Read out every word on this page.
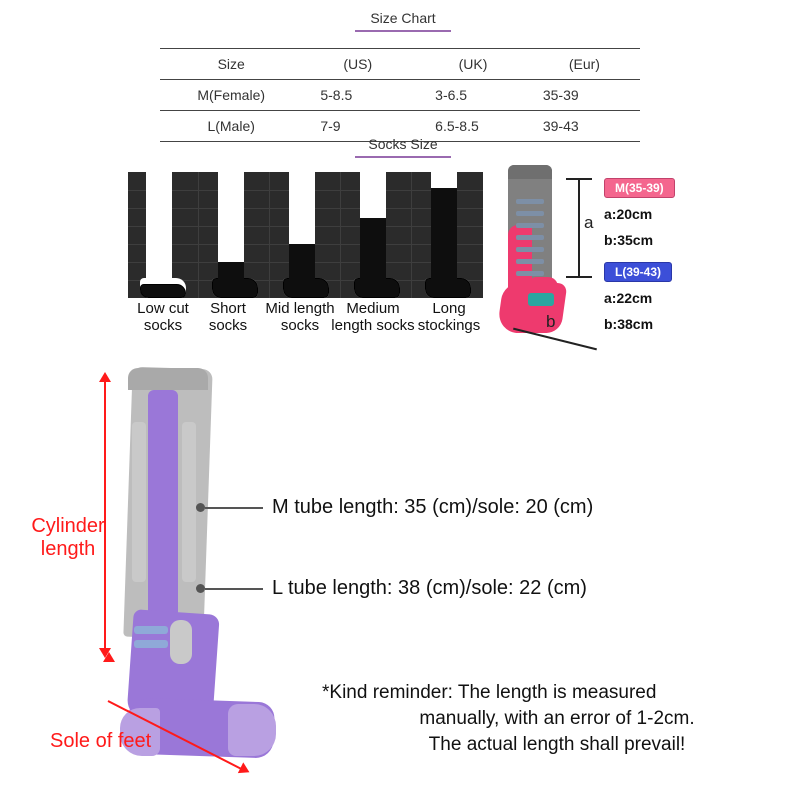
Size Chart
Size	(US)	(UK)	(Eur)
M(Female)	5-8.5	3-6.5	35-39
L(Male)	7-9	6.5-8.5	39-43
Socks Size
Low cut socks
Short socks
Mid length socks
Medium length socks
Long stockings
a
b
M(35-39)
a:20cm
b:35cm
L(39-43)
a:22cm
b:38cm
Cylinder
length
Sole of feet
M tube length: 35 (cm)/sole: 20 (cm)
L tube length: 38 (cm)/sole: 22 (cm)
*Kind reminder: The length is measured
manually, with an error of 1-2cm.
The actual length shall prevail!
